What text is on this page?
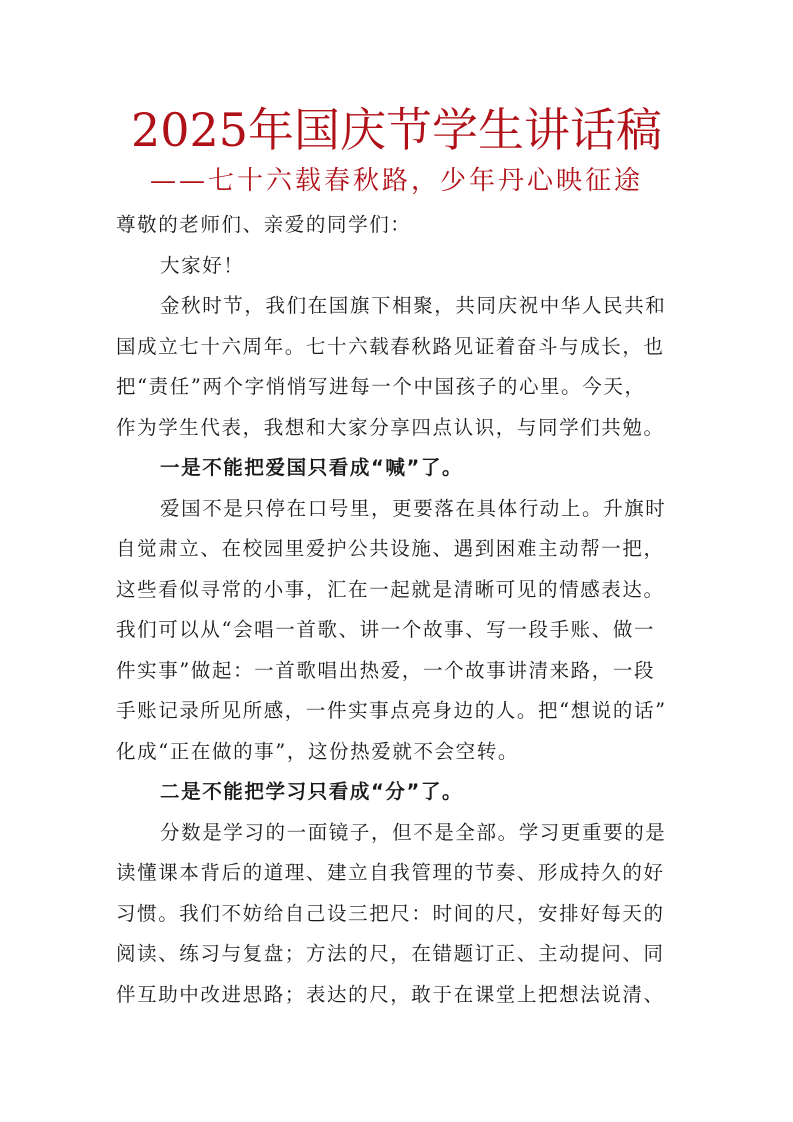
2025年国庆节学生讲话稿
——七十六载春秋路，少年丹心映征途

尊敬的老师们、亲爱的同学们：

大家好！

金秋时节，我们在国旗下相聚，共同庆祝中华人民共和
国成立七十六周年。七十六载春秋路见证着奋斗与成长，也
把“责任”两个字悄悄写进每一个中国孩子的心里。今天，
作为学生代表，我想和大家分享四点认识，与同学们共勉。

一是不能把爱国只看成“喊”了。

爱国不是只停在口号里，更要落在具体行动上。升旗时
自觉肃立、在校园里爱护公共设施、遇到困难主动帮一把，
这些看似寻常的小事，汇在一起就是清晰可见的情感表达。
我们可以从“会唱一首歌、讲一个故事、写一段手账、做一
件实事”做起：一首歌唱出热爱，一个故事讲清来路，一段
手账记录所见所感，一件实事点亮身边的人。把“想说的话”
化成“正在做的事”，这份热爱就不会空转。

二是不能把学习只看成“分”了。

分数是学习的一面镜子，但不是全部。学习更重要的是
读懂课本背后的道理、建立自我管理的节奏、形成持久的好
习惯。我们不妨给自己设三把尺：时间的尺，安排好每天的
阅读、练习与复盘；方法的尺，在错题订正、主动提问、同
伴互助中改进思路；表达的尺，敢于在课堂上把想法说清、
